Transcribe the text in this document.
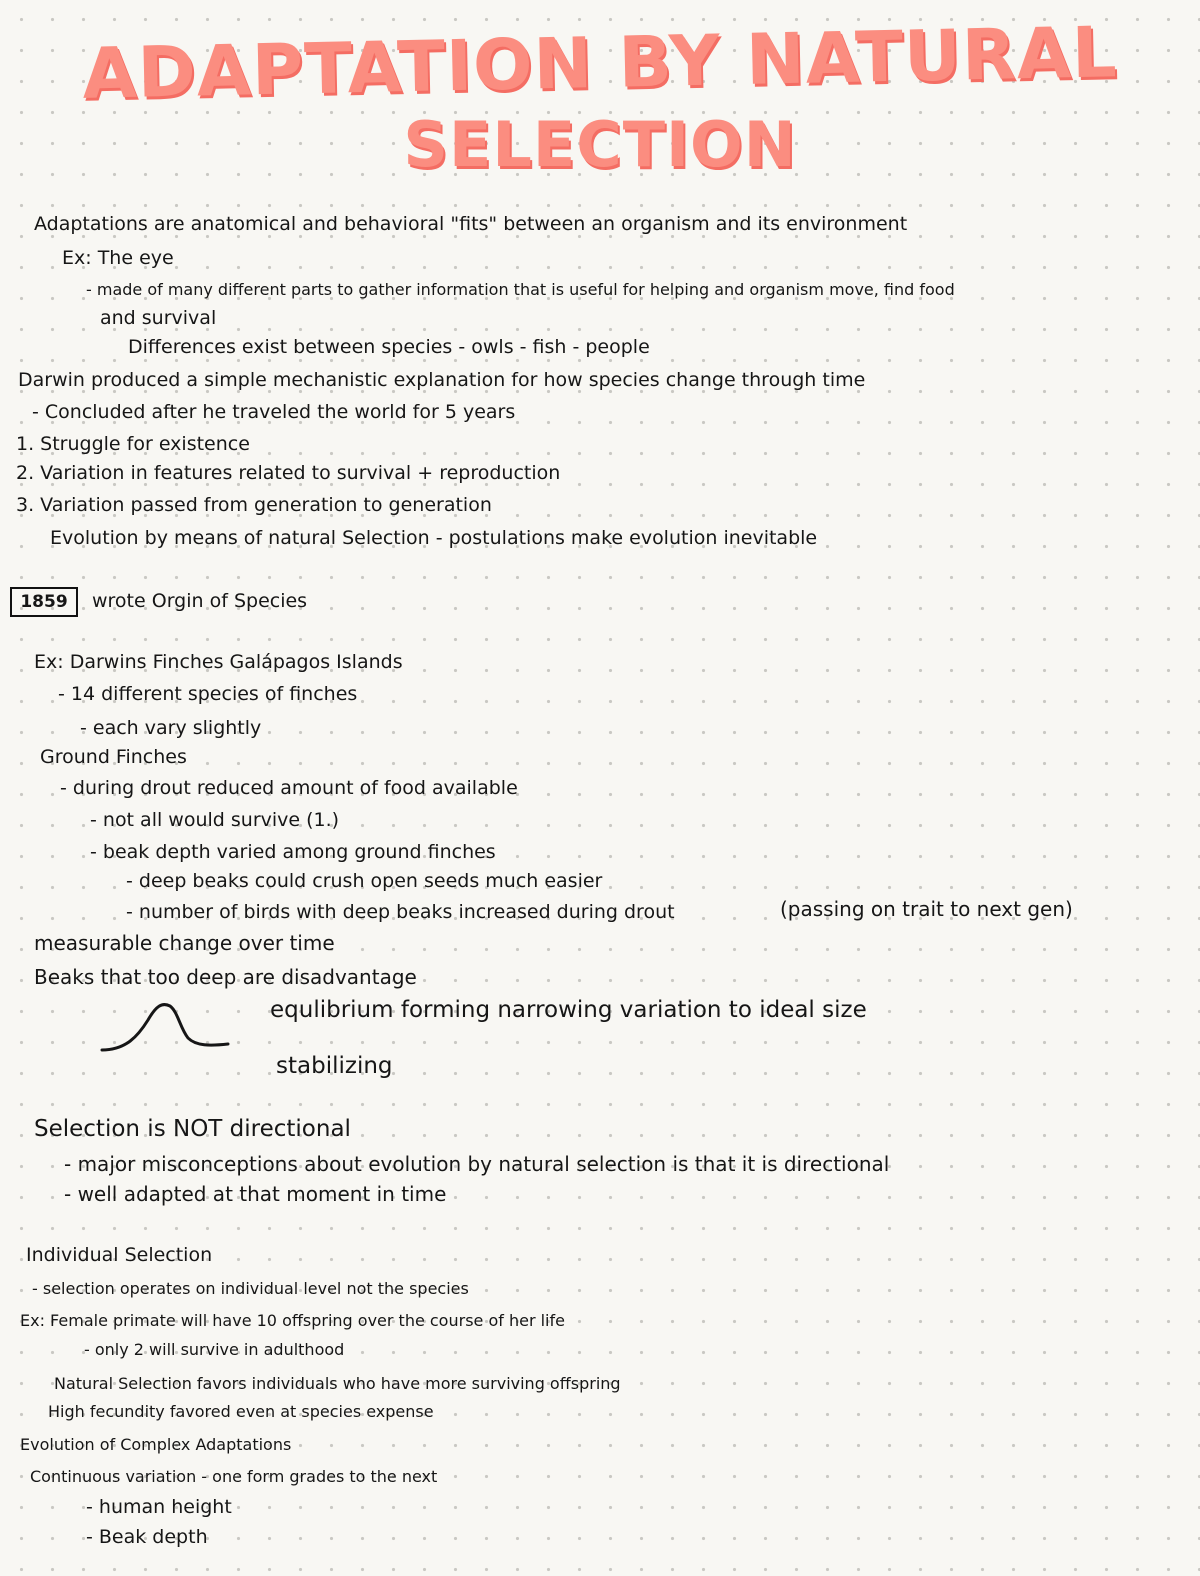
ADAPTATION BY NATURAL
SELECTION

Adaptations are anatomical and behavioral "fits" between an organism and its environment

Ex: The eye

- made of many different parts to gather information that is useful for helping and organism move, find food

and survival

Differences exist between species - owls - fish - people

Darwin produced a simple mechanistic explanation for how species change through time

- Concluded after he traveled the world for 5 years

1. Struggle for existence

2. Variation in features related to survival + reproduction

3. Variation passed from generation to generation

Evolution by means of natural Selection - postulations make evolution inevitable

1859	wrote Orgin of Species

Ex: Darwins Finches Galápagos Islands

- 14 different species of finches

- each vary slightly

Ground Finches

- during drout reduced amount of food available

- not all would survive (1.)

- beak depth varied among ground finches

- deep beaks could crush open seeds much easier

- number of birds with deep beaks increased during drout	(passing on trait to next gen)

measurable change over time

Beaks that too deep are disadvantage

equlibrium forming narrowing variation to ideal size

stabilizing

Selection is NOT directional

- major misconceptions about evolution by natural selection is that it is directional

- well adapted at that moment in time

Individual Selection

- selection operates on individual level not the species

Ex: Female primate will have 10 offspring over the course of her life

- only 2 will survive in adulthood

Natural Selection favors individuals who have more surviving offspring

High fecundity favored even at species expense

Evolution of Complex Adaptations

Continuous variation - one form grades to the next

- human height

- Beak depth
